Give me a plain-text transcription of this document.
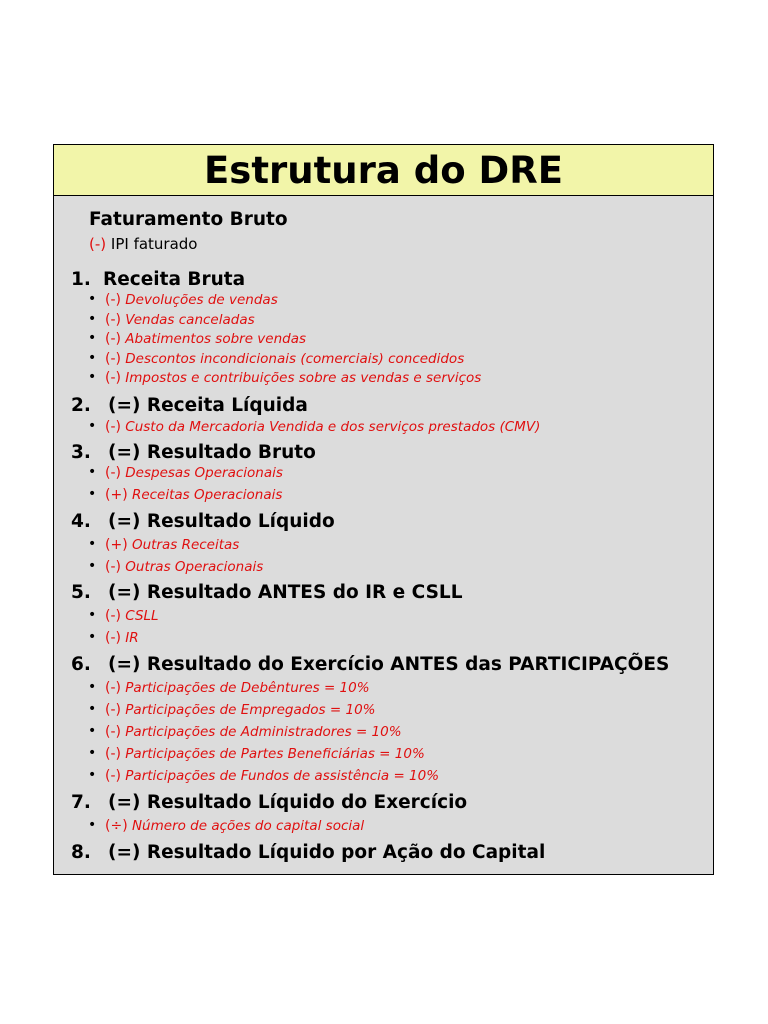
Estrutura do DRE
Faturamento Bruto
(-) IPI faturado
1. Receita Bruta
• (-) Devoluções de vendas
• (-) Vendas canceladas
• (-) Abatimentos sobre vendas
• (-) Descontos incondicionais (comerciais) concedidos
• (-) Impostos e contribuições sobre as vendas e serviços
2. (=) Receita Líquida
• (-) Custo da Mercadoria Vendida e dos serviços prestados (CMV)
3. (=) Resultado Bruto
• (-) Despesas Operacionais
• (+) Receitas Operacionais
4. (=) Resultado Líquido
• (+) Outras Receitas
• (-) Outras Operacionais
5. (=) Resultado ANTES do IR e CSLL
• (-) CSLL
• (-) IR
6. (=) Resultado do Exercício ANTES das PARTICIPAÇÕES
• (-) Participações de Debêntures = 10%
• (-) Participações de Empregados = 10%
• (-) Participações de Administradores = 10%
• (-) Participações de Partes Beneficiárias = 10%
• (-) Participações de Fundos de assistência = 10%
7. (=) Resultado Líquido do Exercício
• (÷) Número de ações do capital social
8. (=) Resultado Líquido por Ação do Capital
